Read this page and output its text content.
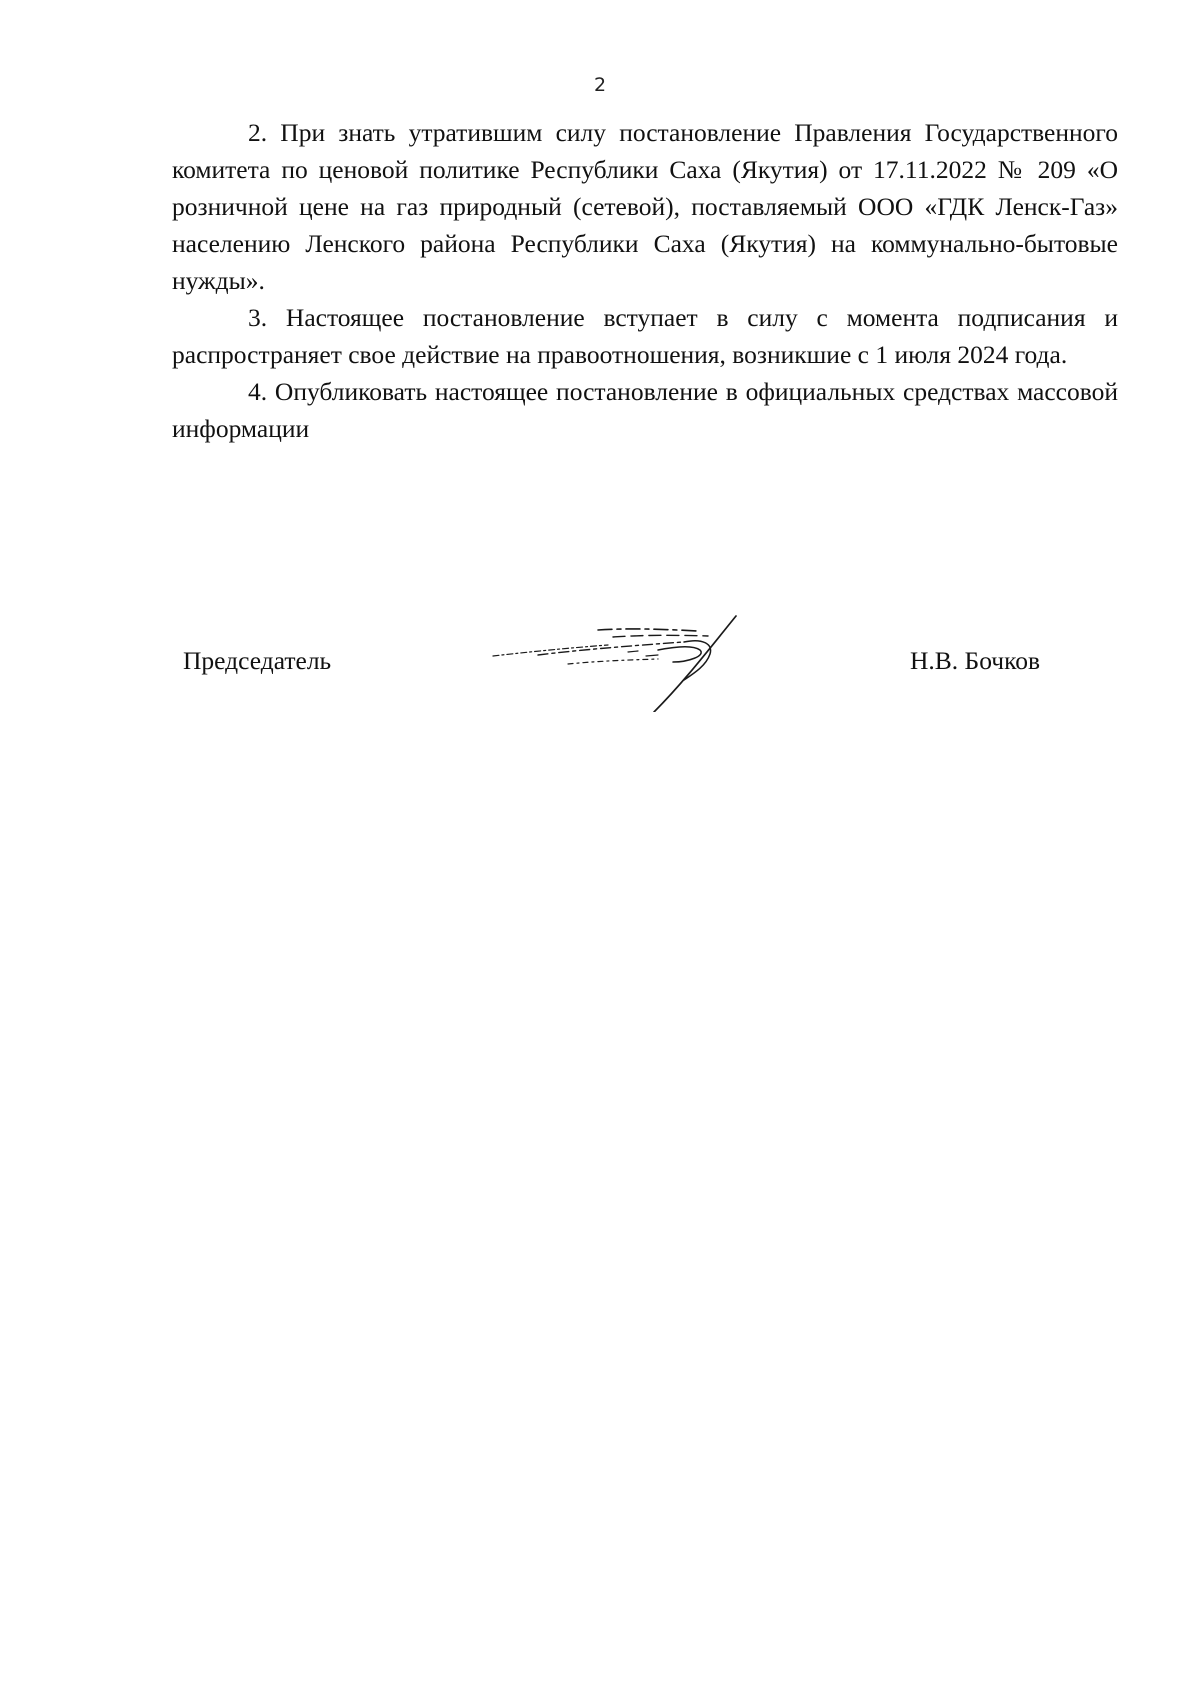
2

2. При знать утратившим силу постановление Правления Государственного комитета по ценовой политике Республики Саха (Якутия) от 17.11.2022 № 209 «О розничной цене на газ природный (сетевой), поставляемый ООО «ГДК Ленск-Газ» населению Ленского района Республики Саха (Якутия) на коммунально-бытовые нужды».

3. Настоящее постановление вступает в силу с момента подписания и распространяет свое действие на правоотношения, возникшие с 1 июля 2024 года.

4. Опубликовать настоящее постановление в официальных средствах массовой информации

Председатель	Н.В. Бочков
